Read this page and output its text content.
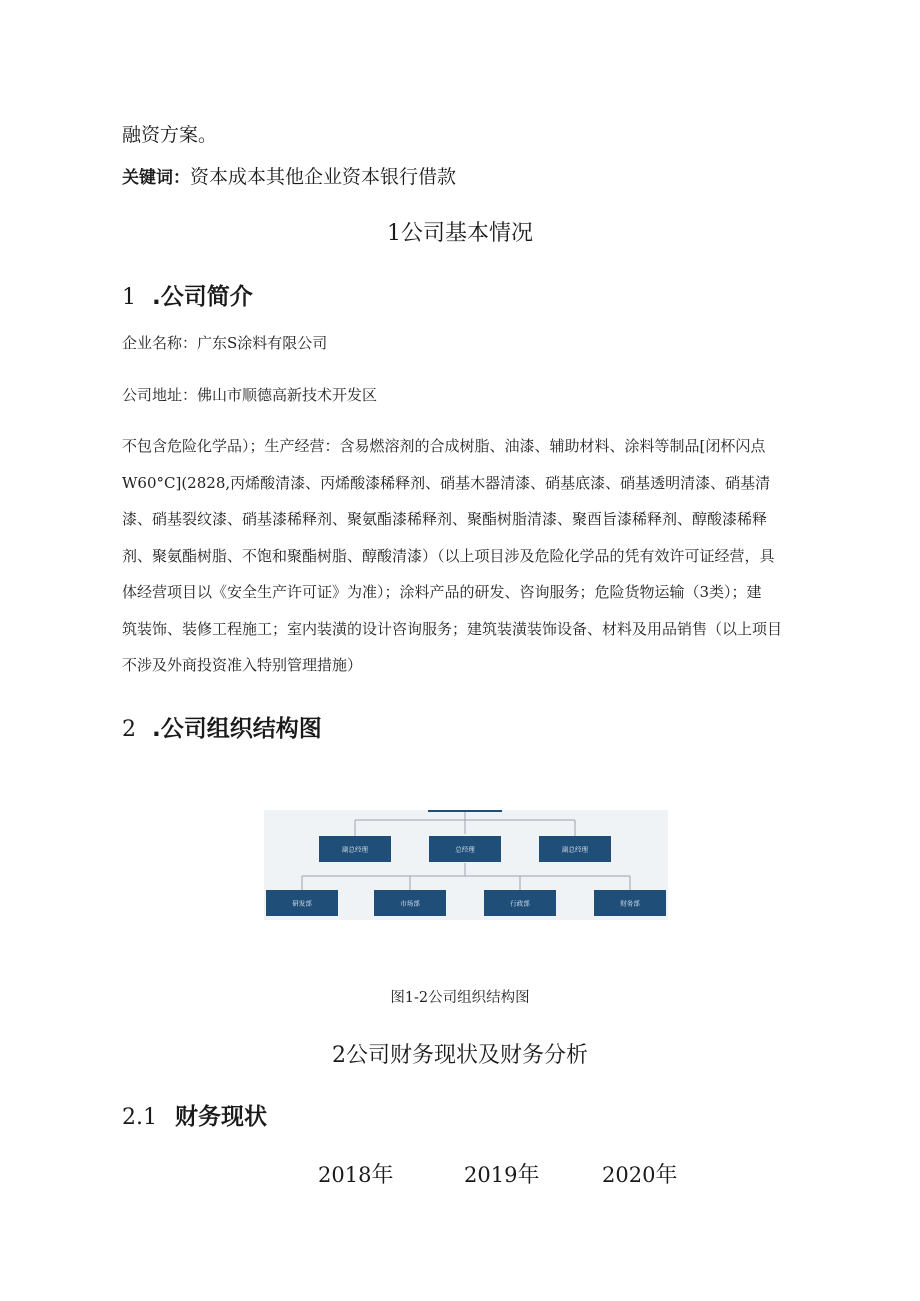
融资方案。
关键词：资本成本其他企业资本银行借款
1公司基本情况
1 .公司简介
企业名称：广东S涂料有限公司
公司地址：佛山市顺德高新技术开发区
不包含危险化学品）；生产经营：含易燃溶剂的合成树脂、油漆、辅助材料、涂料等制品[闭杯闪点
W60°C](2828,丙烯酸清漆、丙烯酸漆稀释剂、硝基木器清漆、硝基底漆、硝基透明清漆、硝基清
漆、硝基裂纹漆、硝基漆稀释剂、聚氨酯漆稀释剂、聚酯树脂清漆、聚酉旨漆稀释剂、醇酸漆稀释
剂、聚氨酯树脂、不饱和聚酯树脂、醇酸清漆）（以上项目涉及危险化学品的凭有效许可证经营，具
体经营项目以《安全生产许可证》为准）；涂料产品的研发、咨询服务；危险货物运输（3类）；建
筑装饰、装修工程施工；室内装潢的设计咨询服务；建筑装潢装饰设备、材料及用品销售（以上项目
不涉及外商投资准入特别管理措施）
2 .公司组织结构图
副总经理	总经理	副总经理
研发部	市场部	行政部	财务部
图1-2公司组织结构图
2公司财务现状及财务分析
2.1 财务现状
2018年	2019年	2020年
